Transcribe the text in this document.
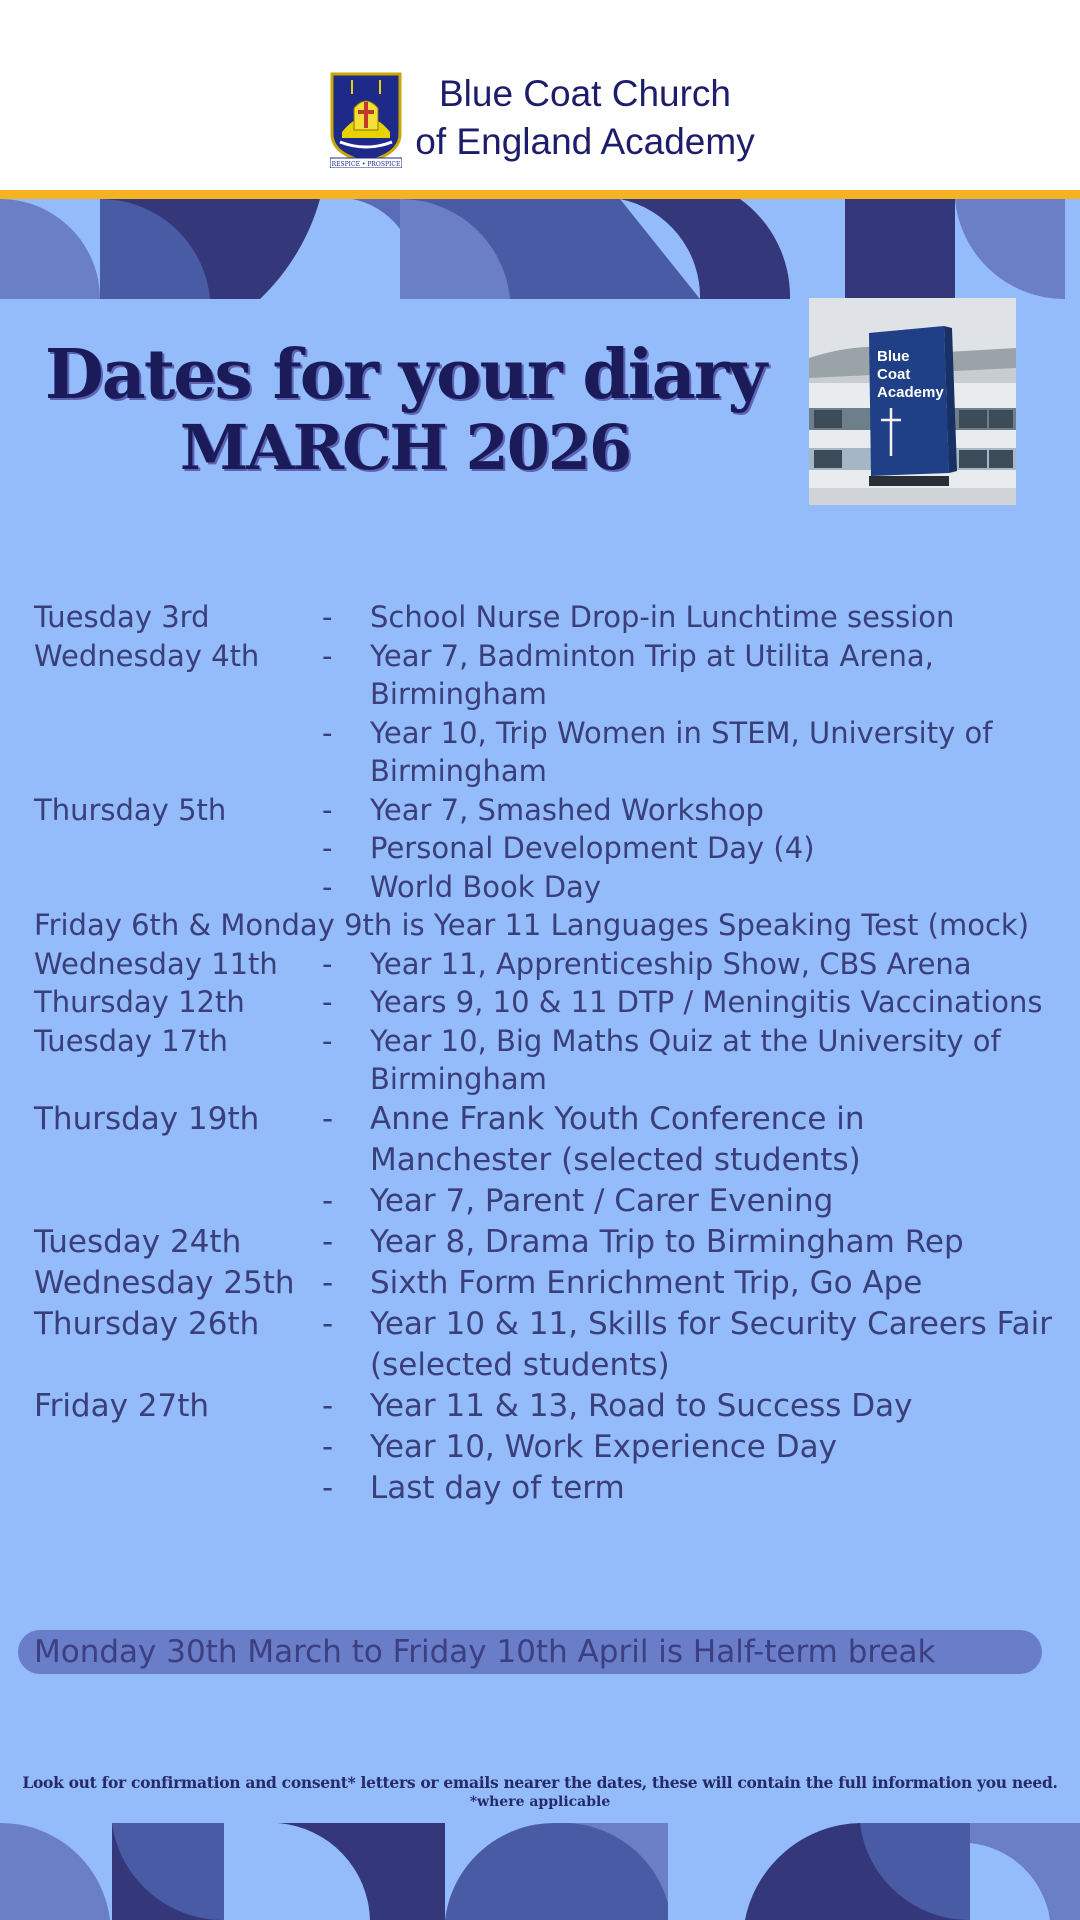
RESPICE • PROSPICE
Blue Coat Church
of England Academy
Dates for your diary
MARCH 2026
Blue
Coat
Academy
Tuesday 3rd	-	School Nurse Drop-in Lunchtime session
Wednesday 4th	-	Year 7, Badminton Trip at Utilita Arena, Birmingham
-	Year 10, Trip Women in STEM, University of Birmingham
Thursday 5th	-	Year 7, Smashed Workshop
-	Personal Development Day (4)
-	World Book Day
Friday 6th & Monday 9th is Year 11 Languages Speaking Test (mock)
Wednesday 11th	-	Year 11, Apprenticeship Show, CBS Arena
Thursday 12th	-	Years 9, 10 & 11 DTP / Meningitis Vaccinations
Tuesday 17th	-	Year 10, Big Maths Quiz at the University of Birmingham
Thursday 19th	-	Anne Frank Youth Conference in Manchester (selected students)
-	Year 7, Parent / Carer Evening
Tuesday 24th	-	Year 8, Drama Trip to Birmingham Rep
Wednesday 25th -	Sixth Form Enrichment Trip, Go Ape
Thursday 26th	-	Year 10 & 11, Skills for Security Careers Fair (selected students)
Friday 27th	-	Year 11 & 13, Road to Success Day
-	Year 10, Work Experience Day
-	Last day of term
Monday 30th March to Friday 10th April is Half-term break
Look out for confirmation and consent* letters or emails nearer the dates, these will contain the full information you need.
*where applicable
